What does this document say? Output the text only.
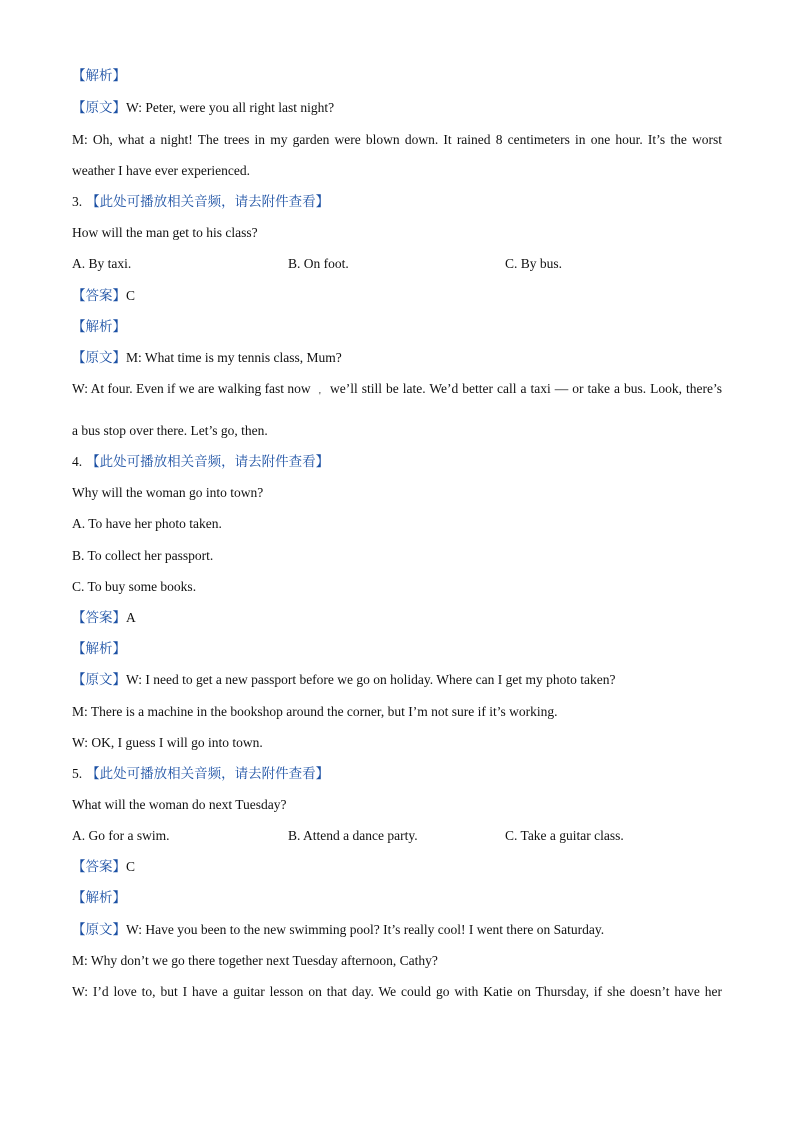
【解析】
【原文】W: Peter, were you all right last night?
M: Oh, what a night! The trees in my garden were blown down. It rained 8 centimeters in one hour. It’s the worst
weather I have ever experienced.
3. 【此处可播放相关音频，请去附件查看】
How will the man get to his class?
A. By taxi.	B. On foot.	C. By bus.
【答案】C
【解析】
【原文】M: What time is my tennis class, Mum?
W: At four. Even if we are walking fast now we’ll still be late. We’d better call a taxi — or take a bus. Look, there’s
'
a bus stop over there. Let’s go, then.
4. 【此处可播放相关音频，请去附件查看】
Why will the woman go into town?
A. To have her photo taken.
B. To collect her passport.
C. To buy some books.
【答案】A
【解析】
【原文】W: I need to get a new passport before we go on holiday. Where can I get my photo taken?
M: There is a machine in the bookshop around the corner, but I’m not sure if it’s working.
W: OK, I guess I will go into town.
5. 【此处可播放相关音频，请去附件查看】
What will the woman do next Tuesday?
A. Go for a swim.	B. Attend a dance party.	C. Take a guitar class.
【答案】C
【解析】
【原文】W: Have you been to the new swimming pool? It’s really cool! I went there on Saturday.
M: Why don’t we go there together next Tuesday afternoon, Cathy?
W: I’d love to, but I have a guitar lesson on that day. We could go with Katie on Thursday, if she doesn’t have her
